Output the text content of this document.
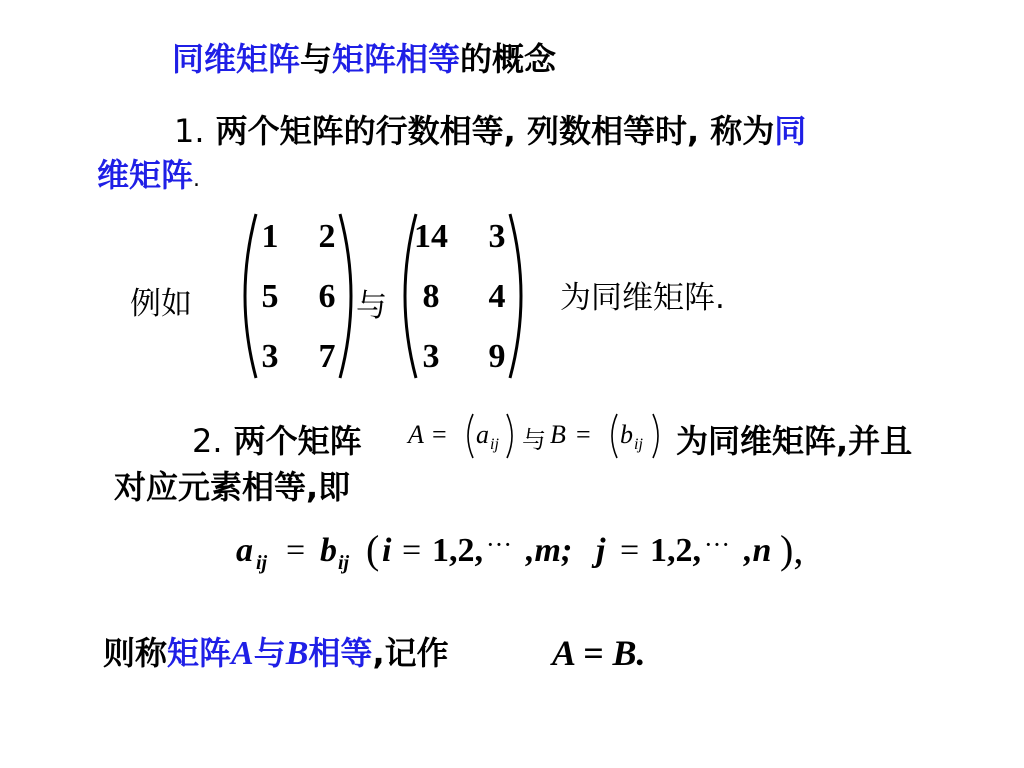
同维矩阵与矩阵相等的概念
1. 两个矩阵的行数相等, 列数相等时, 称为同
维矩阵.
例如
1	2
5	6
3	7
与
14	3
8	4
3	9
为同维矩阵.
2. 两个矩阵 A = a ij 与 B = b ij 为同维矩阵,并且
对应元素相等,即
a ij = b ij ( i = 1,2, ··· ,m; j = 1,2, ··· ,n ),
则称矩阵A与B相等,记作	A = B.
